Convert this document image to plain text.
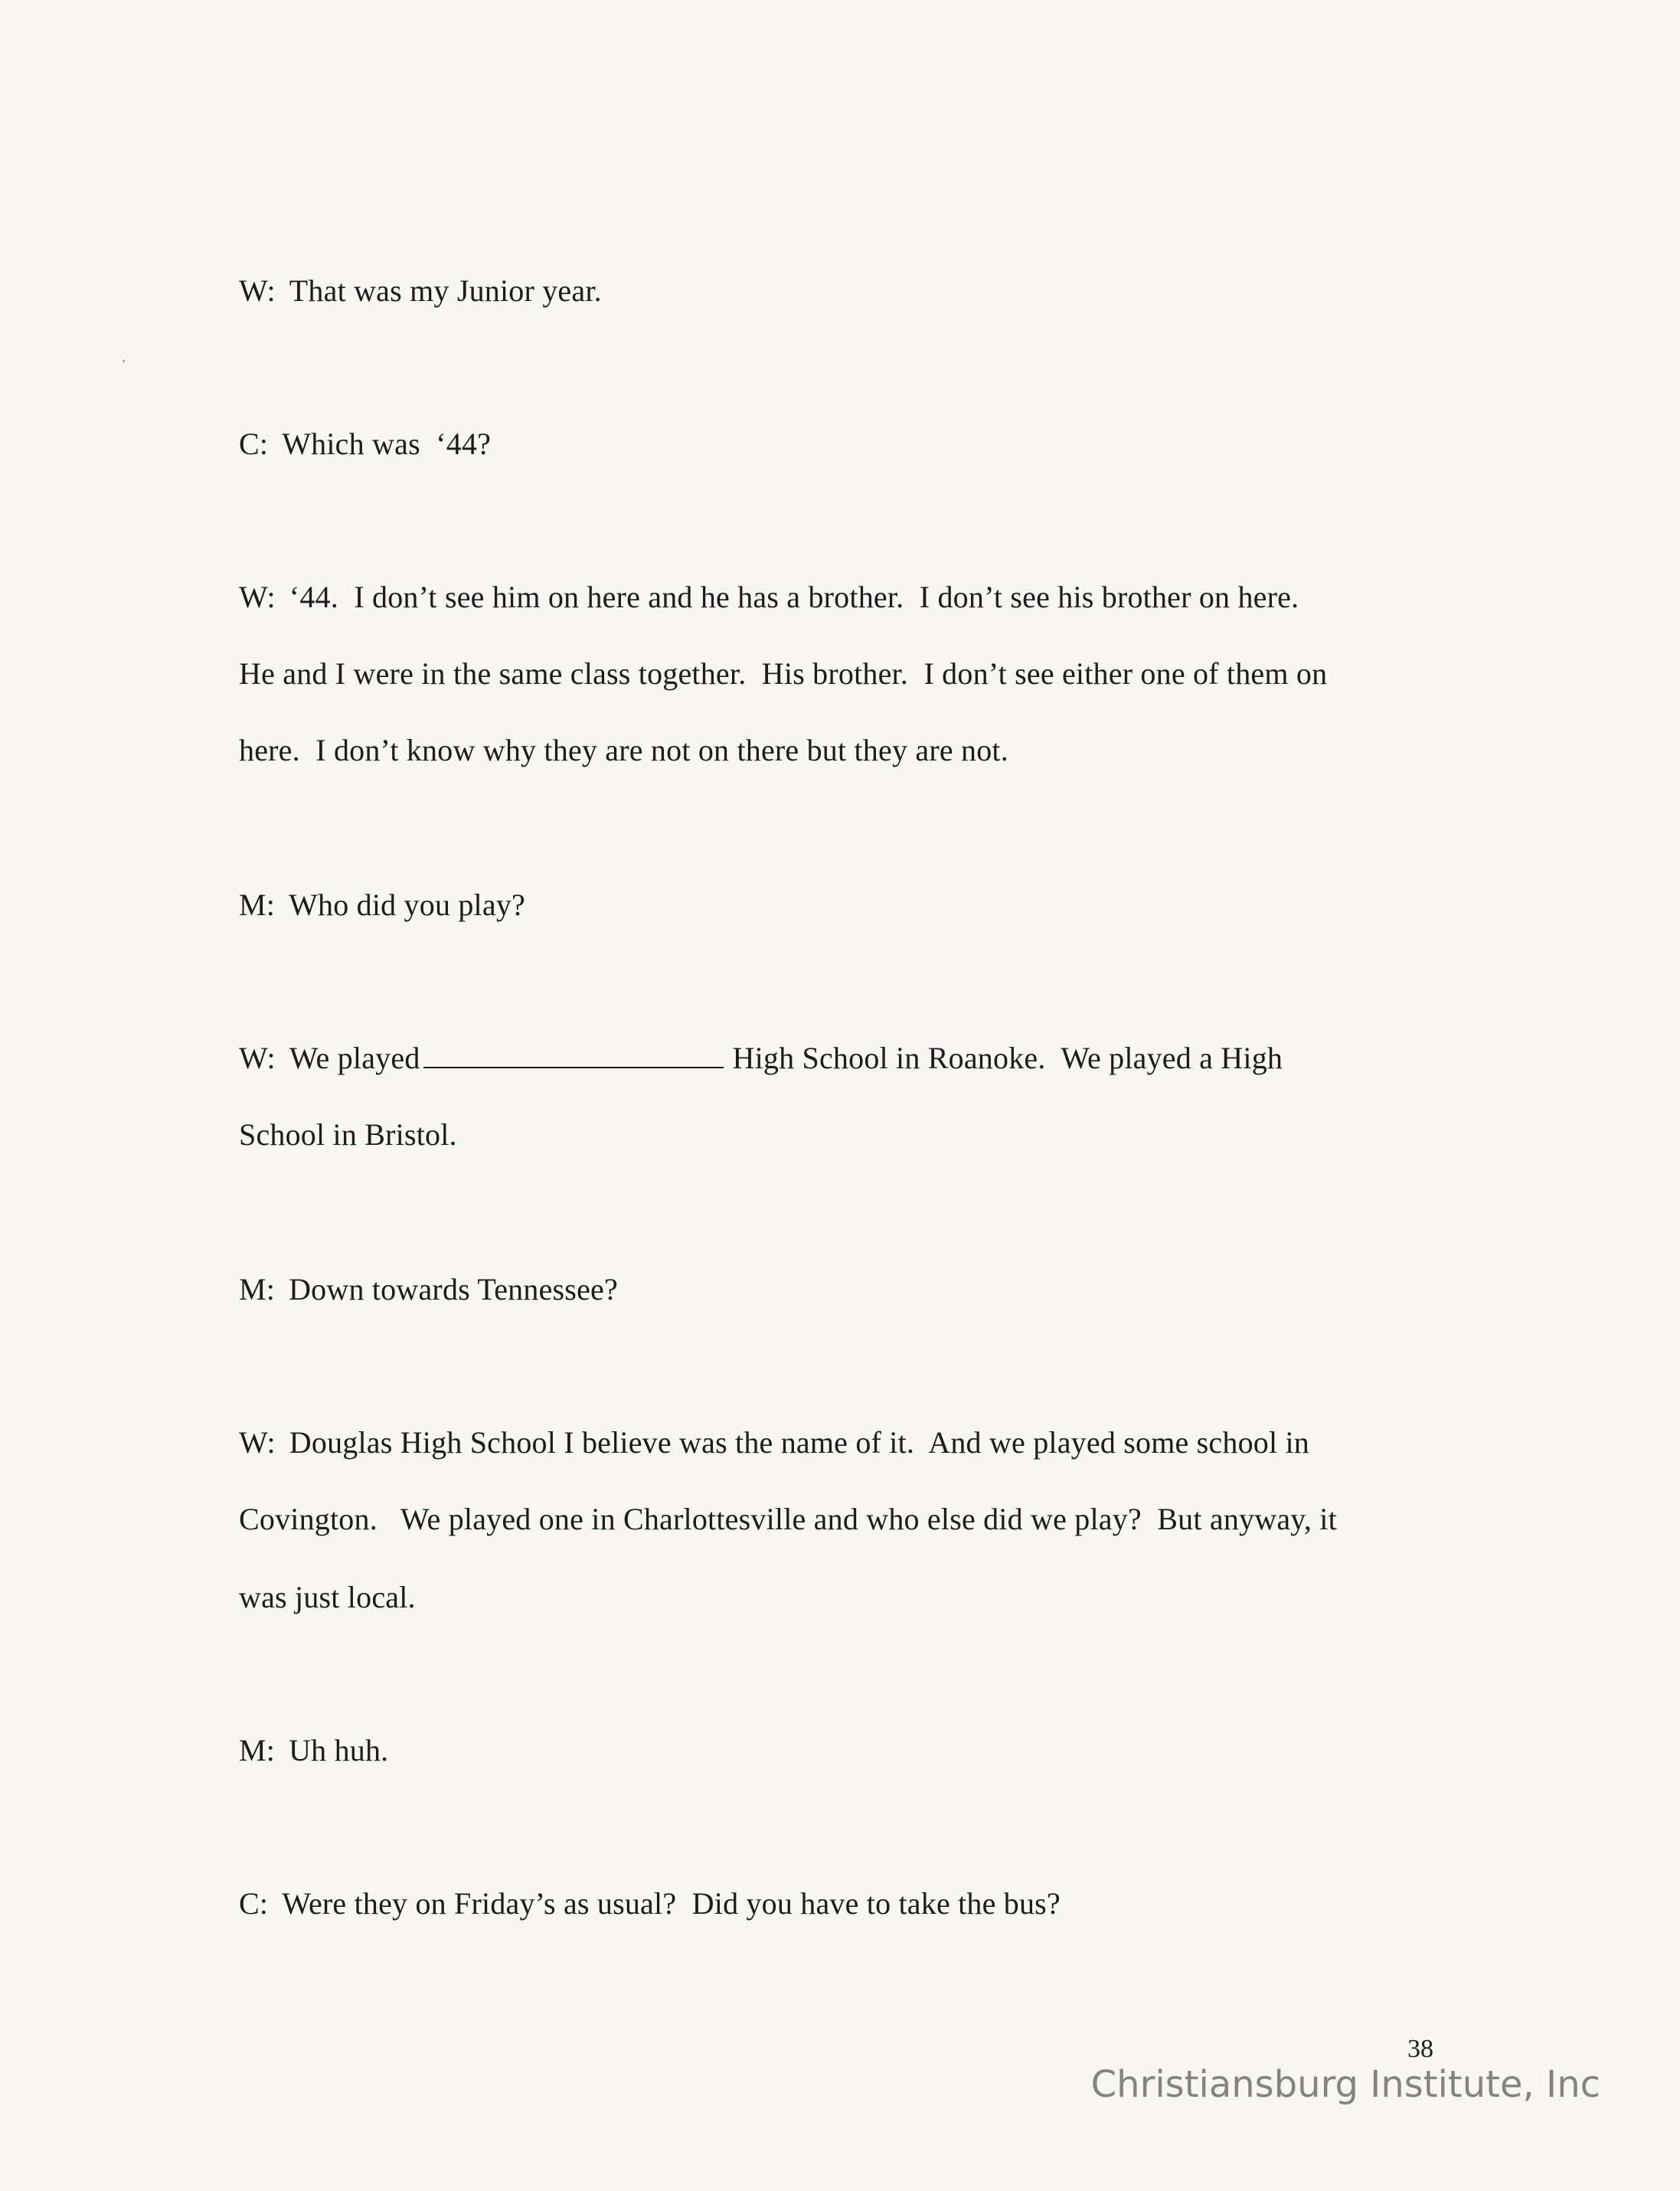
W: That was my Junior year.
C: Which was  ‘44?
W: ‘44.  I don’t see him on here and he has a brother.  I don’t see his brother on here.
He and I were in the same class together.  His brother.  I don’t see either one of them on
here.  I don’t know why they are not on there but they are not.
M: Who did you play?
W: We played	High School in Roanoke.  We played a High
School in Bristol.
M: Down towards Tennessee?
W: Douglas High School I believe was the name of it.  And we played some school in
Covington.   We played one in Charlottesville and who else did we play?  But anyway, it
was just local.
M: Uh huh.
C: Were they on Friday’s as usual?  Did you have to take the bus?
38
Christiansburg Institute, Inc
